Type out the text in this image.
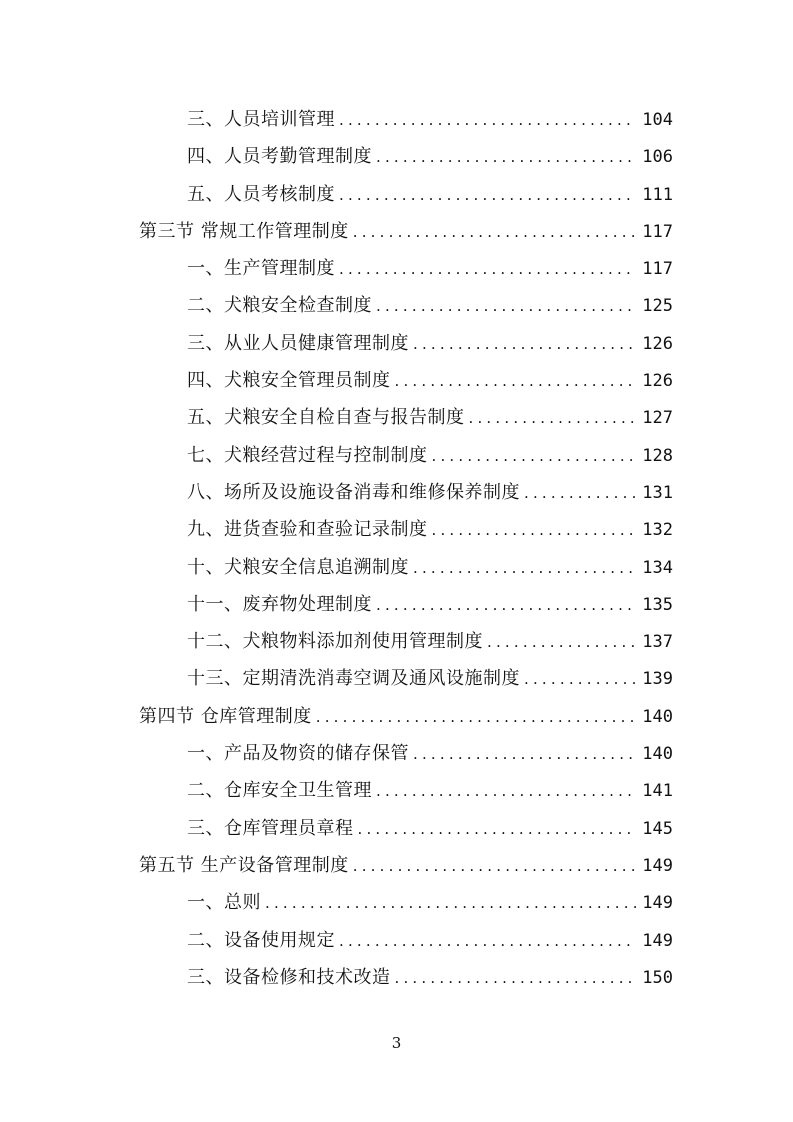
三、人员培训管理 .....	104
四、人员考勤管理制度 .....	106
五、人员考核制度 .....	111
第三节 常规工作管理制度 .....	117
一、生产管理制度 .....	117
二、犬粮安全检查制度 .....	125
三、从业人员健康管理制度 .....	126
四、犬粮安全管理员制度 .....	126
五、犬粮安全自检自查与报告制度 .....	127
七、犬粮经营过程与控制制度 .....	128
八、场所及设施设备消毒和维修保养制度 .....	131
九、进货查验和查验记录制度 .....	132
十、犬粮安全信息追溯制度 .....	134
十一、废弃物处理制度 .....	135
十二、犬粮物料添加剂使用管理制度 .....	137
十三、定期清洗消毒空调及通风设施制度 .....	139
第四节 仓库管理制度 .....	140
一、产品及物资的储存保管 .....	140
二、仓库安全卫生管理 .....	141
三、仓库管理员章程 .....	145
第五节 生产设备管理制度 .....	149
一、总则 .....	149
二、设备使用规定 .....	149
三、设备检修和技术改造 .....	150
3
